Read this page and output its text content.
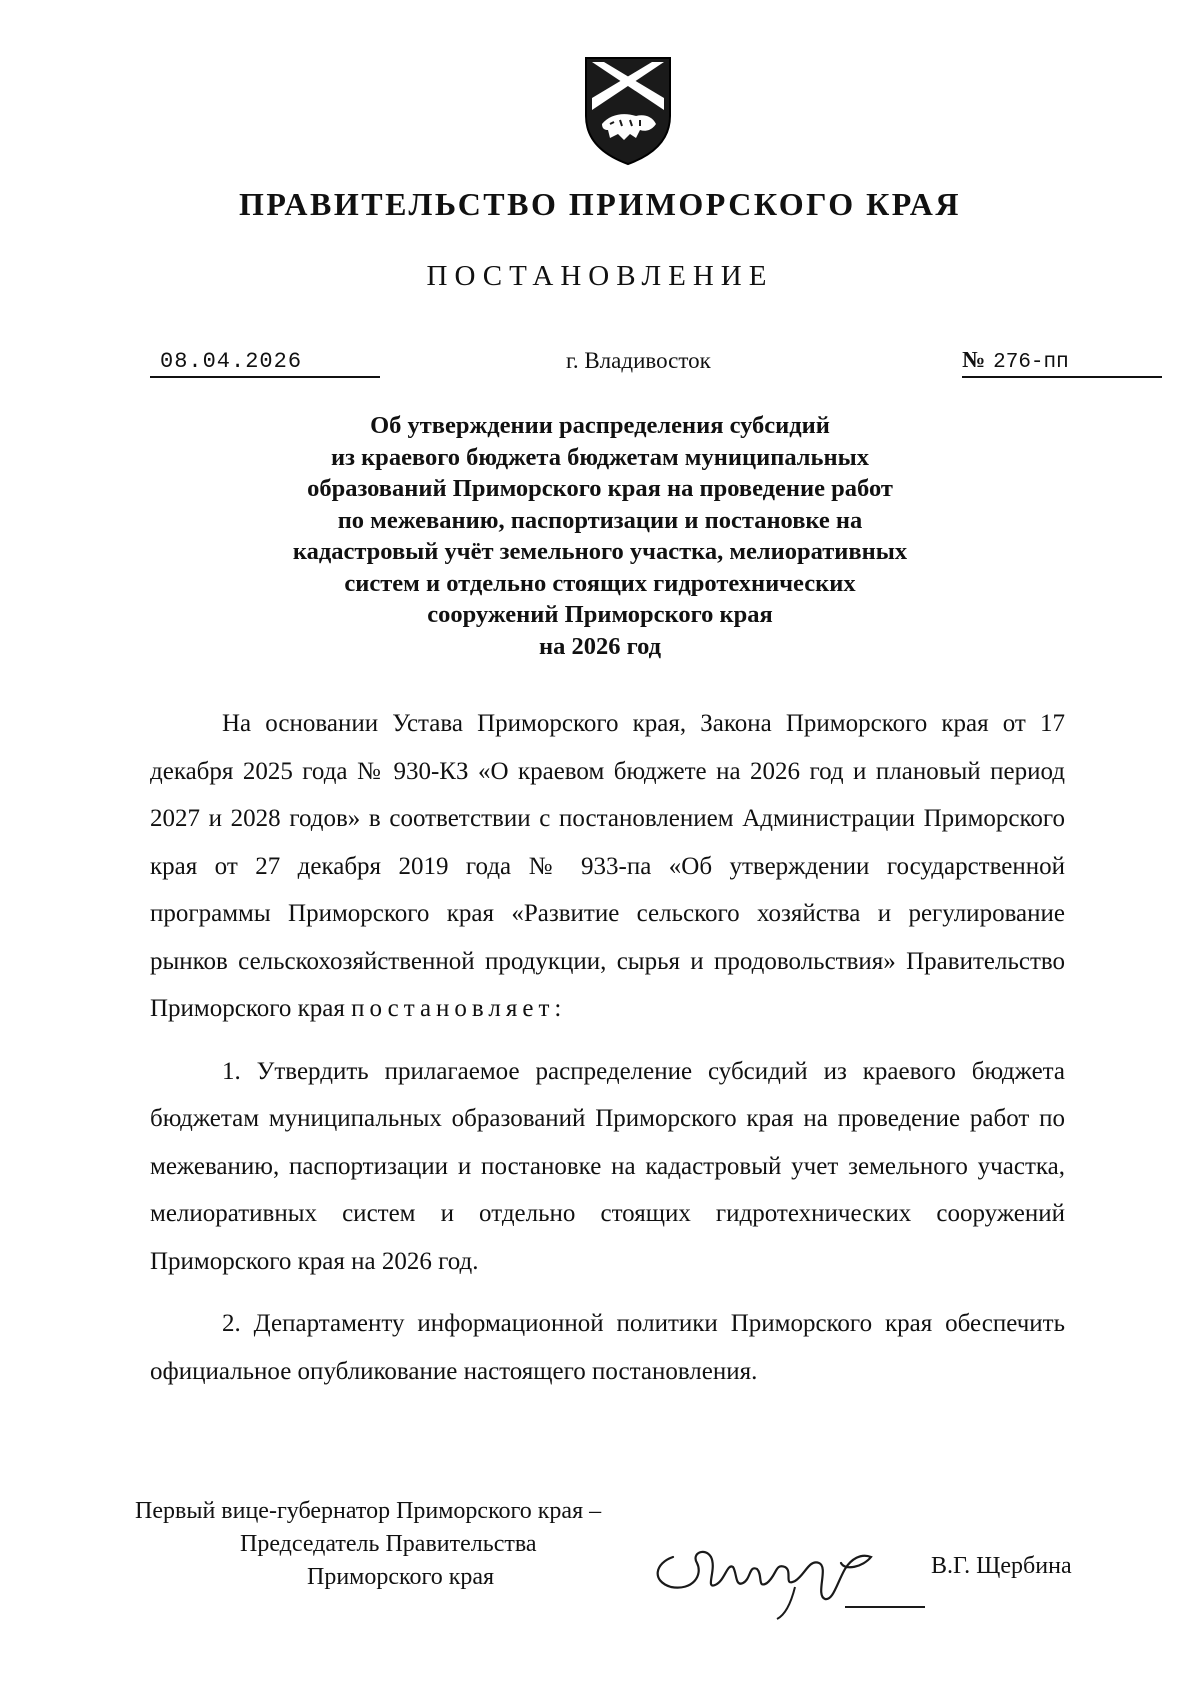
ПРАВИТЕЛЬСТВО ПРИМОРСКОГО КРАЯ
ПОСТАНОВЛЕНИЕ
08.04.2026	г. Владивосток	№ 276-пп
Об утверждении распределения субсидий
из краевого бюджета бюджетам муниципальных
образований Приморского края на проведение работ
по межеванию, паспортизации и постановке на
кадастровый учёт земельного участка, мелиоративных
систем и отдельно стоящих гидротехнических
сооружений Приморского края
на 2026 год

На основании Устава Приморского края, Закона Приморского края от 17 декабря 2025 года № 930-КЗ «О краевом бюджете на 2026 год и плановый период 2027 и 2028 годов» в соответствии с постановлением Администрации Приморского края от 27 декабря 2019 года № 933-па «Об утверждении государственной программы Приморского края «Развитие сельского хозяйства и регулирование рынков сельскохозяйственной продукции, сырья и продовольствия» Правительство Приморского края постановляет:

1. Утвердить прилагаемое распределение субсидий из краевого бюджета бюджетам муниципальных образований Приморского края на проведение работ по межеванию, паспортизации и постановке на кадастровый учет земельного участка, мелиоративных систем и отдельно стоящих гидротехнических сооружений Приморского края на 2026 год.

2. Департаменту информационной политики Приморского края обеспечить официальное опубликование настоящего постановления.

Первый вице-губернатор Приморского края –
Председатель Правительства
Приморского края	В.Г. Щербина
